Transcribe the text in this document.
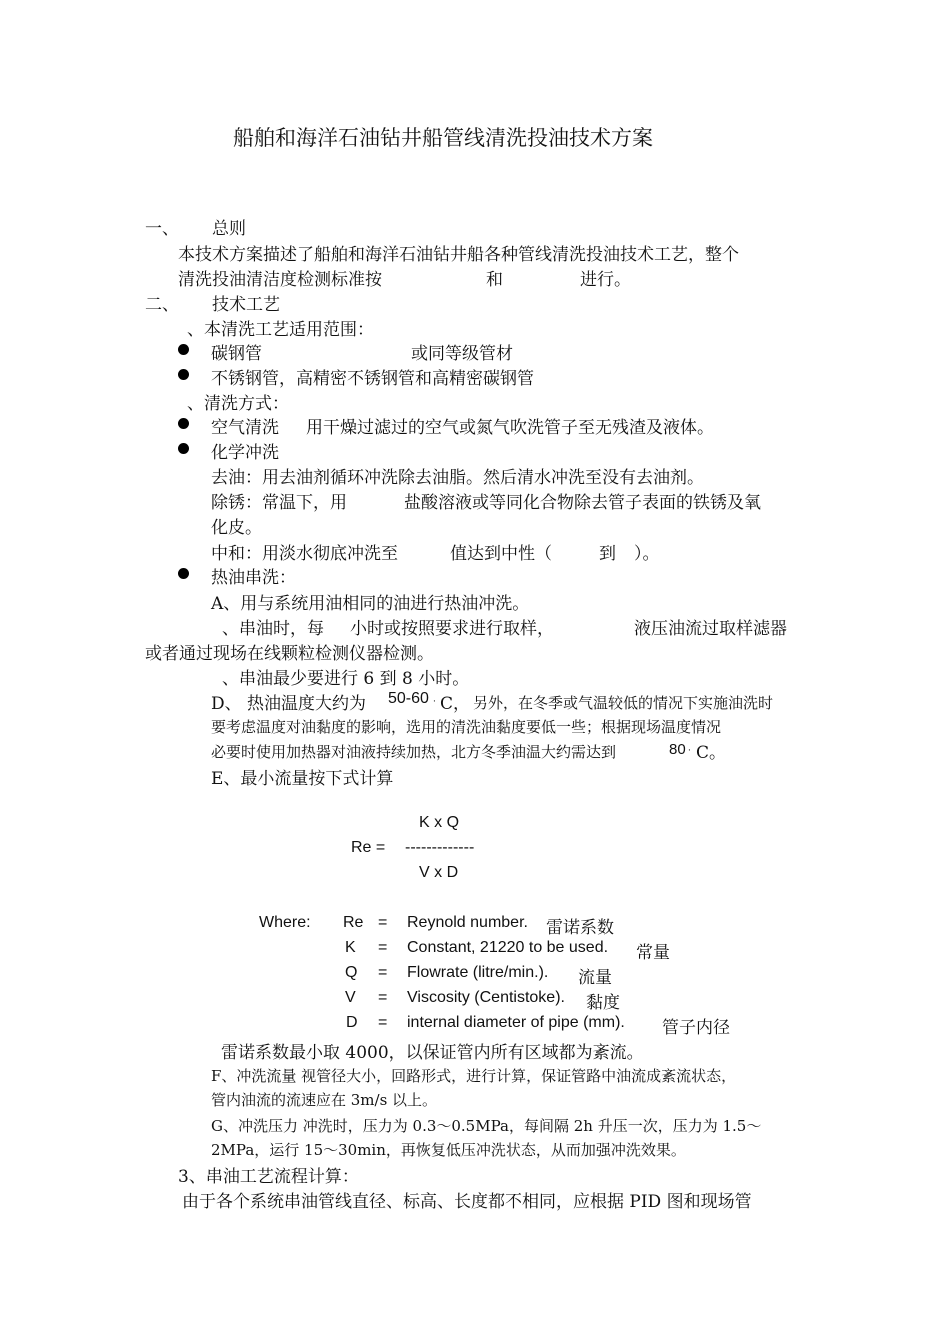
船舶和海洋石油钻井船管线清洗投油技术方案
一、 总则
本技术方案描述了船舶和海洋石油钻井船各种管线清洗投油技术工艺，整个
清洗投油清洁度检测标准按	和	进行。
二、 技术工艺
、本清洗工艺适用范围：
碳钢管	或同等级管材
不锈钢管，高精密不锈钢管和高精密碳钢管
、清洗方式：
空气清洗 用干燥过滤过的空气或氮气吹洗管子至无残渣及液体。
化学冲洗
去油：用去油剂循环冲洗除去油脂。然后清水冲洗至没有去油剂。
除锈：常温下，用	盐酸溶液或等同化合物除去管子表面的铁锈及氧
化皮。
中和：用淡水彻底冲洗至	值达到中性（	到 ）。
热油串洗：
A、用与系统用油相同的油进行热油冲洗。
、串油时，每 小时或按照要求进行取样，	液压油流过取样滤器
或者通过现场在线颗粒检测仪器检测。
、串油最少要进行 6 到 8 小时。
D、 热油温度大约为 50-60 · C， 另外，在冬季或气温较低的情况下实施油洗时
要考虑温度对油黏度的影响，选用的清洗油黏度要低一些；根据现场温度情况
必要时使用加热器对油液持续加热，北方冬季油温大约需达到	80 · C。
E、最小流量按下式计算
K x Q
Re = -------------
V x D
Where: Re = Reynold number. 雷诺系数
K = Constant, 21220 to be used. 常量
Q = Flowrate (litre/min.). 流量
V = Viscosity (Centistoke). 黏度
D = internal diameter of pipe (mm). 管子内径
雷诺系数最小取 4000，以保证管内所有区域都为紊流。
F、冲洗流量 视管径大小，回路形式，进行计算，保证管路中油流成紊流状态，
管内油流的流速应在 3m/s 以上。
G、冲洗压力 冲洗时，压力为 0.3～0.5MPa，每间隔 2h 升压一次，压力为 1.5～
2MPa，运行 15～30min，再恢复低压冲洗状态，从而加强冲洗效果。
3、串油工艺流程计算：
由于各个系统串油管线直径、标高、长度都不相同，应根据 PID 图和现场管
